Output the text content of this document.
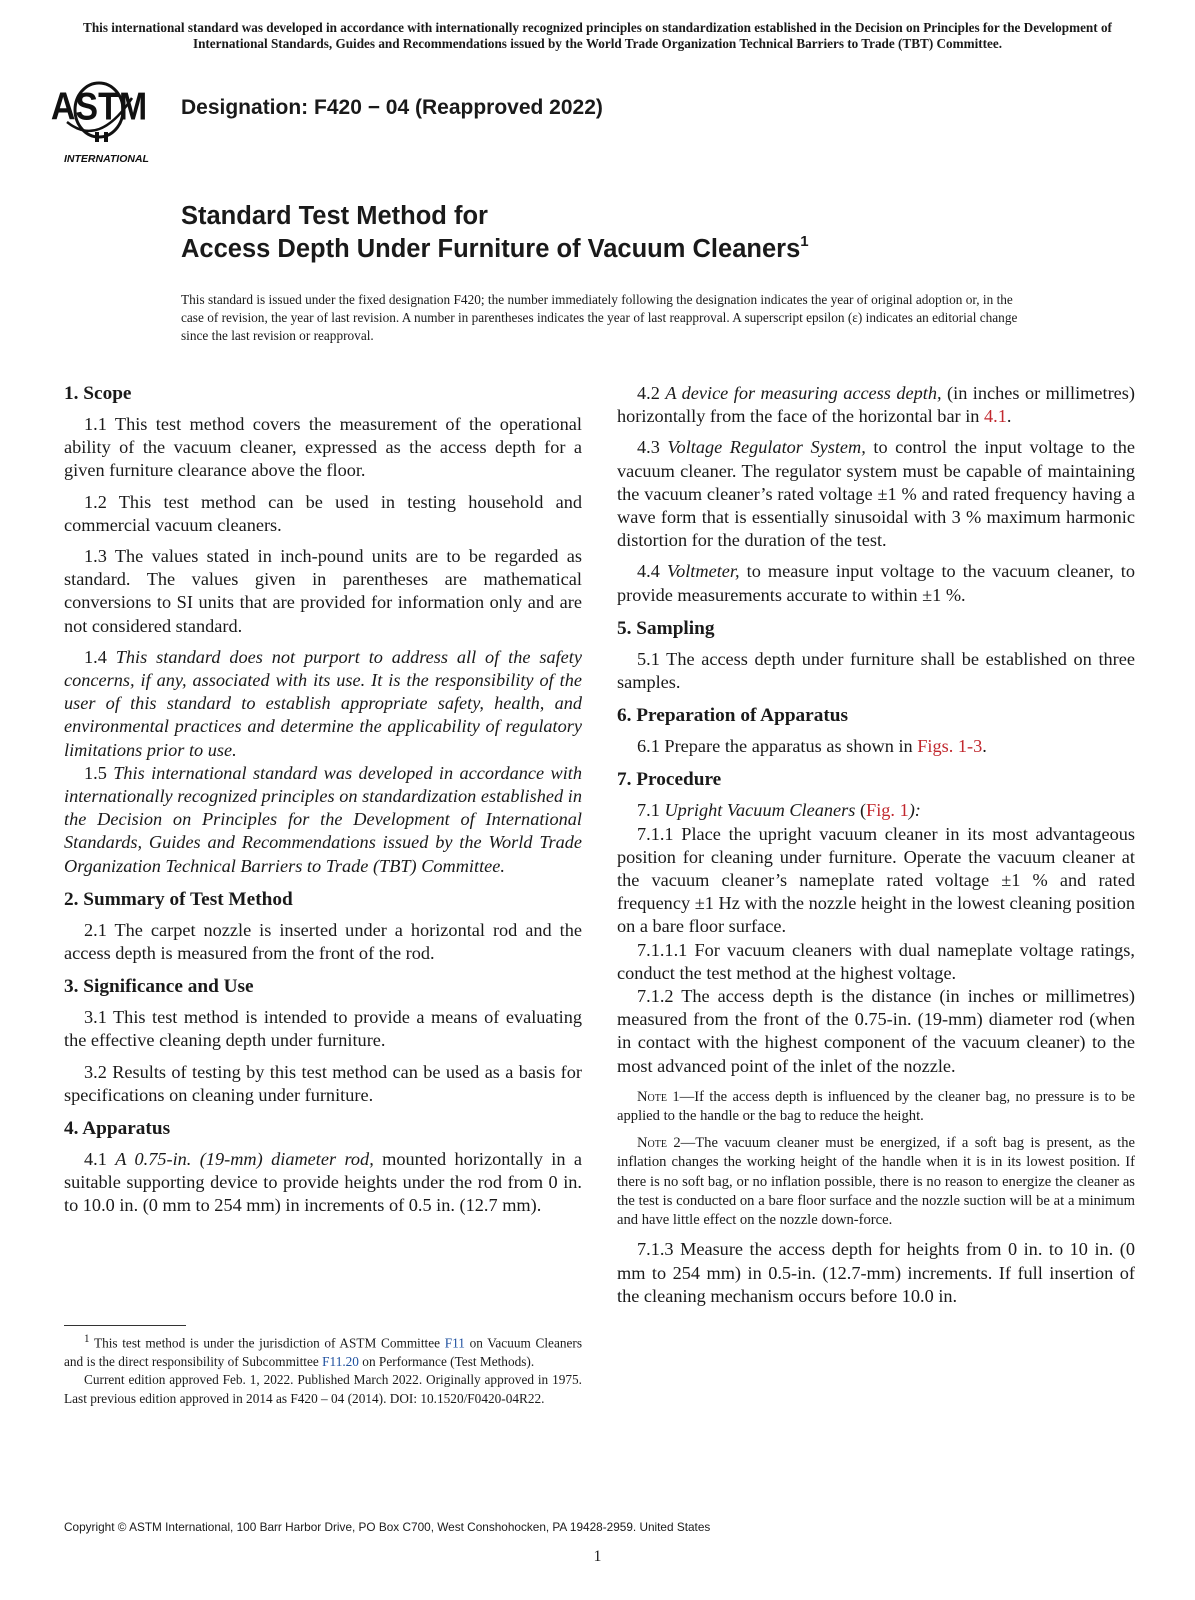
This international standard was developed in accordance with internationally recognized principles on standardization established in the Decision on Principles for the Development of International Standards, Guides and Recommendations issued by the World Trade Organization Technical Barriers to Trade (TBT) Committee.
ASTM
INTERNATIONAL
Designation: F420 − 04 (Reapproved 2022)
Standard Test Method for
Access Depth Under Furniture of Vacuum Cleaners$^1$
This standard is issued under the fixed designation F420; the number immediately following the designation indicates the year of original adoption or, in the case of revision, the year of last revision. A number in parentheses indicates the year of last reapproval. A superscript epsilon (ε) indicates an editorial change since the last revision or reapproval.
1. Scope

1.1 This test method covers the measurement of the operational ability of the vacuum cleaner, expressed as the access depth for a given furniture clearance above the floor.

1.2 This test method can be used in testing household and commercial vacuum cleaners.

1.3 The values stated in inch-pound units are to be regarded as standard. The values given in parentheses are mathematical conversions to SI units that are provided for information only and are not considered standard.

1.4 This standard does not purport to address all of the safety concerns, if any, associated with its use. It is the responsibility of the user of this standard to establish appropriate safety, health, and environmental practices and determine the applicability of regulatory limitations prior to use.

1.5 This international standard was developed in accordance with internationally recognized principles on standardization established in the Decision on Principles for the Development of International Standards, Guides and Recommendations issued by the World Trade Organization Technical Barriers to Trade (TBT) Committee.

2. Summary of Test Method

2.1 The carpet nozzle is inserted under a horizontal rod and the access depth is measured from the front of the rod.

3. Significance and Use

3.1 This test method is intended to provide a means of evaluating the effective cleaning depth under furniture.

3.2 Results of testing by this test method can be used as a basis for specifications on cleaning under furniture.

4. Apparatus

4.1 A 0.75-in. (19-mm) diameter rod, mounted horizontally in a suitable supporting device to provide heights under the rod from 0 in. to 10.0 in. (0 mm to 254 mm) in increments of 0.5 in. (12.7 mm).

$^1$ This test method is under the jurisdiction of ASTM Committee F11 on Vacuum Cleaners and is the direct responsibility of Subcommittee F11.20 on Performance (Test Methods).

Current edition approved Feb. 1, 2022. Published March 2022. Originally approved in 1975. Last previous edition approved in 2014 as F420 – 04 (2014). DOI: 10.1520/F0420-04R22.

4.2 A device for measuring access depth, (in inches or millimetres) horizontally from the face of the horizontal bar in 4.1.

4.3 Voltage Regulator System, to control the input voltage to the vacuum cleaner. The regulator system must be capable of maintaining the vacuum cleaner’s rated voltage ±1 % and rated frequency having a wave form that is essentially sinusoidal with 3 % maximum harmonic distortion for the duration of the test.

4.4 Voltmeter, to measure input voltage to the vacuum cleaner, to provide measurements accurate to within ±1 %.

5. Sampling

5.1 The access depth under furniture shall be established on three samples.

6. Preparation of Apparatus

6.1 Prepare the apparatus as shown in Figs. 1-3.

7. Procedure

7.1 Upright Vacuum Cleaners (Fig. 1):

7.1.1 Place the upright vacuum cleaner in its most advantageous position for cleaning under furniture. Operate the vacuum cleaner at the vacuum cleaner’s nameplate rated voltage ±1 % and rated frequency ±1 Hz with the nozzle height in the lowest cleaning position on a bare floor surface.

7.1.1.1 For vacuum cleaners with dual nameplate voltage ratings, conduct the test method at the highest voltage.

7.1.2 The access depth is the distance (in inches or millimetres) measured from the front of the 0.75-in. (19-mm) diameter rod (when in contact with the highest component of the vacuum cleaner) to the most advanced point of the inlet of the nozzle.

Note 1—If the access depth is influenced by the cleaner bag, no pressure is to be applied to the handle or the bag to reduce the height.

Note 2—The vacuum cleaner must be energized, if a soft bag is present, as the inflation changes the working height of the handle when it is in its lowest position. If there is no soft bag, or no inflation possible, there is no reason to energize the cleaner as the test is conducted on a bare floor surface and the nozzle suction will be at a minimum and have little effect on the nozzle down-force.

7.1.3 Measure the access depth for heights from 0 in. to 10 in. (0 mm to 254 mm) in 0.5-in. (12.7-mm) increments. If full insertion of the cleaning mechanism occurs before 10.0 in.

Copyright © ASTM International, 100 Barr Harbor Drive, PO Box C700, West Conshohocken, PA 19428-2959. United States
1
